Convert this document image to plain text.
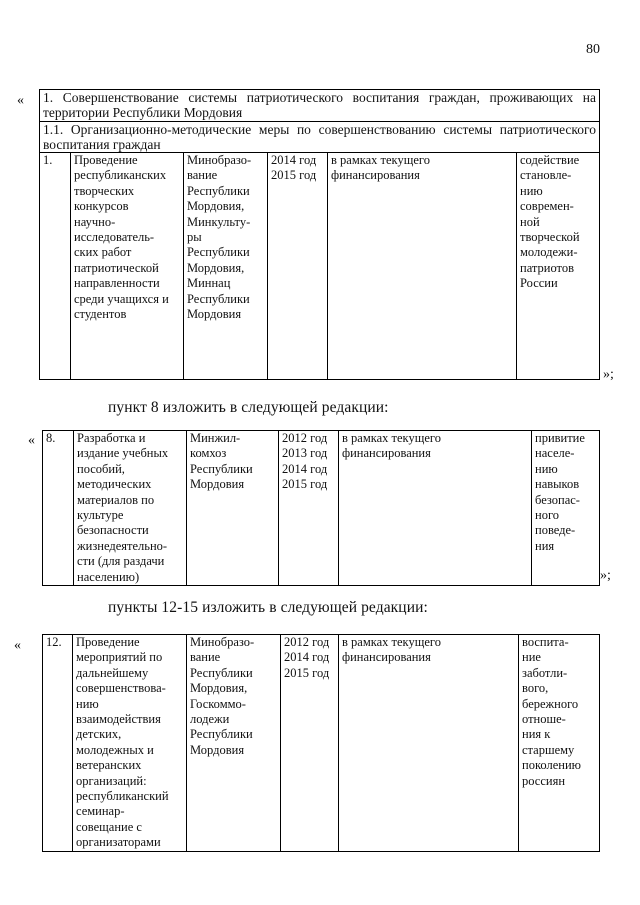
80
« 1. Совершенствование системы патриотического воспитания граждан, проживающих на
территории Республики Мордовия

1.1. Организационно-методические меры по совершенствованию системы патриотического
воспитания граждан

1.	Проведение
республиканских
творческих
конкурсов
научно-
исследователь-
ских работ
патриотической
направленности
среди учащихся и
студентов	Минобразо-
вание
Республики
Мордовия,
Минкульту-
ры
Республики
Мордовия,
Миннац
Республики
Мордовия	2014 год
2015 год	в рамках текущего
финансирования	содействие
становле-
нию
современ-
ной
творческой
молодежи-
патриотов
России
»;
пункт 8 изложить в следующей редакции:
« 8.	Разработка и
издание учебных
пособий,
методических
материалов по
культуре
безопасности
жизнедеятельно-
сти (для раздачи
населению)	Минжил-
комхоз
Республики
Мордовия	2012 год
2013 год
2014 год
2015 год	в рамках текущего
финансирования	привитие
населе-
нию
навыков
безопас-
ного
поведе-
ния
»;
пункты 12-15 изложить в следующей редакции:
« 12.	Проведение
мероприятий по
дальнейшему
совершенствова-
нию
взаимодействия
детских,
молодежных и
ветеранских
организаций:
республиканский
семинар-
совещание с
организаторами	Минобразо-
вание
Республики
Мордовия,
Госкоммо-
лодежи
Республики
Мордовия	2012 год
2014 год
2015 год	в рамках текущего
финансирования	воспита-
ние
заботли-
вого,
бережного
отноше-
ния к
старшему
поколению
россиян
